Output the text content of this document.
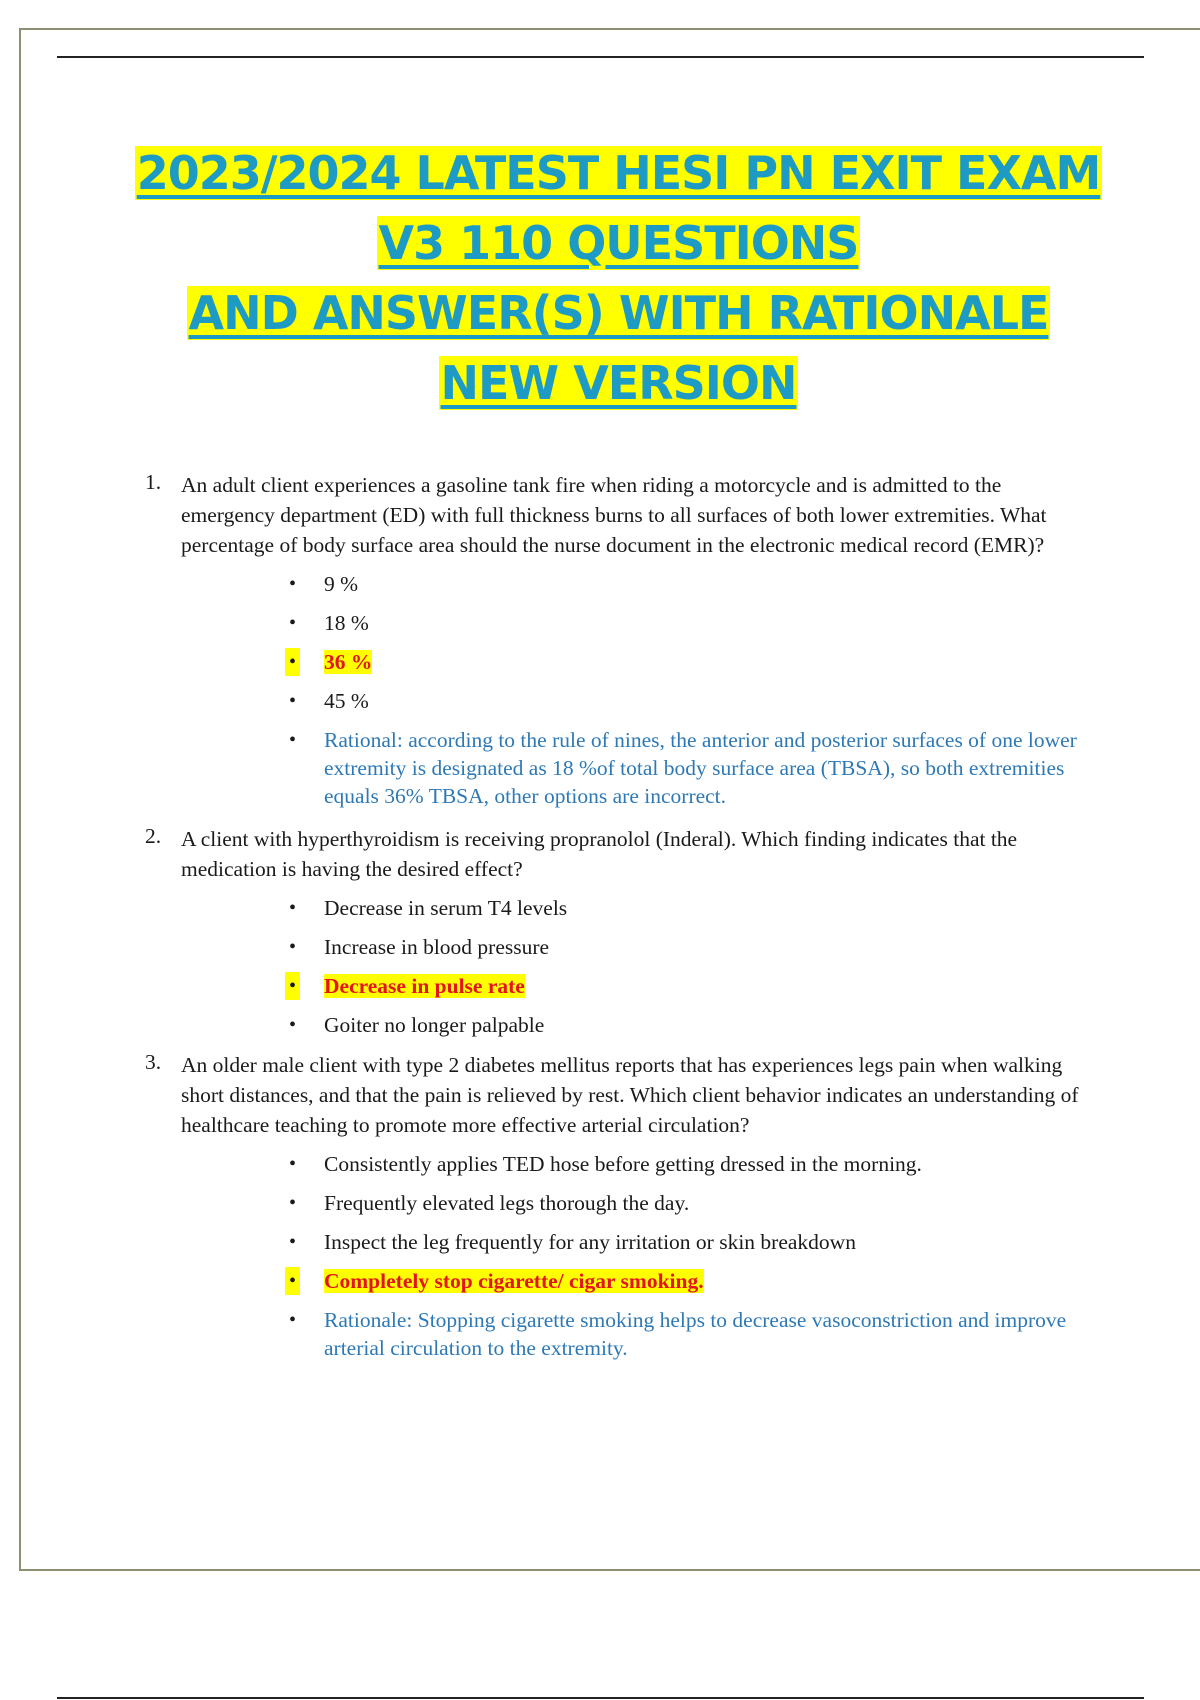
2023/2024 LATEST HESI PN EXIT EXAM
V3 110 QUESTIONS
AND ANSWER(S) WITH RATIONALE
NEW VERSION
1. An adult client experiences a gasoline tank fire when riding a motorcycle and is admitted to the emergency department (ED) with full thickness burns to all surfaces of both lower extremities. What percentage of body surface area should the nurse document in the electronic medical record (EMR)?
• 9 %
• 18 %
• 36 %
• 45 %
• Rational: according to the rule of nines, the anterior and posterior surfaces of one lower extremity is designated as 18 %of total body surface area (TBSA), so both extremities equals 36% TBSA, other options are incorrect.
2. A client with hyperthyroidism is receiving propranolol (Inderal). Which finding indicates that the medication is having the desired effect?
• Decrease in serum T4 levels
• Increase in blood pressure
• Decrease in pulse rate
• Goiter no longer palpable
3. An older male client with type 2 diabetes mellitus reports that has experiences legs pain when walking short distances, and that the pain is relieved by rest. Which client behavior indicates an understanding of healthcare teaching to promote more effective arterial circulation?
• Consistently applies TED hose before getting dressed in the morning.
• Frequently elevated legs thorough the day.
• Inspect the leg frequently for any irritation or skin breakdown
• Completely stop cigarette/ cigar smoking.
• Rationale: Stopping cigarette smoking helps to decrease vasoconstriction and improve arterial circulation to the extremity.
